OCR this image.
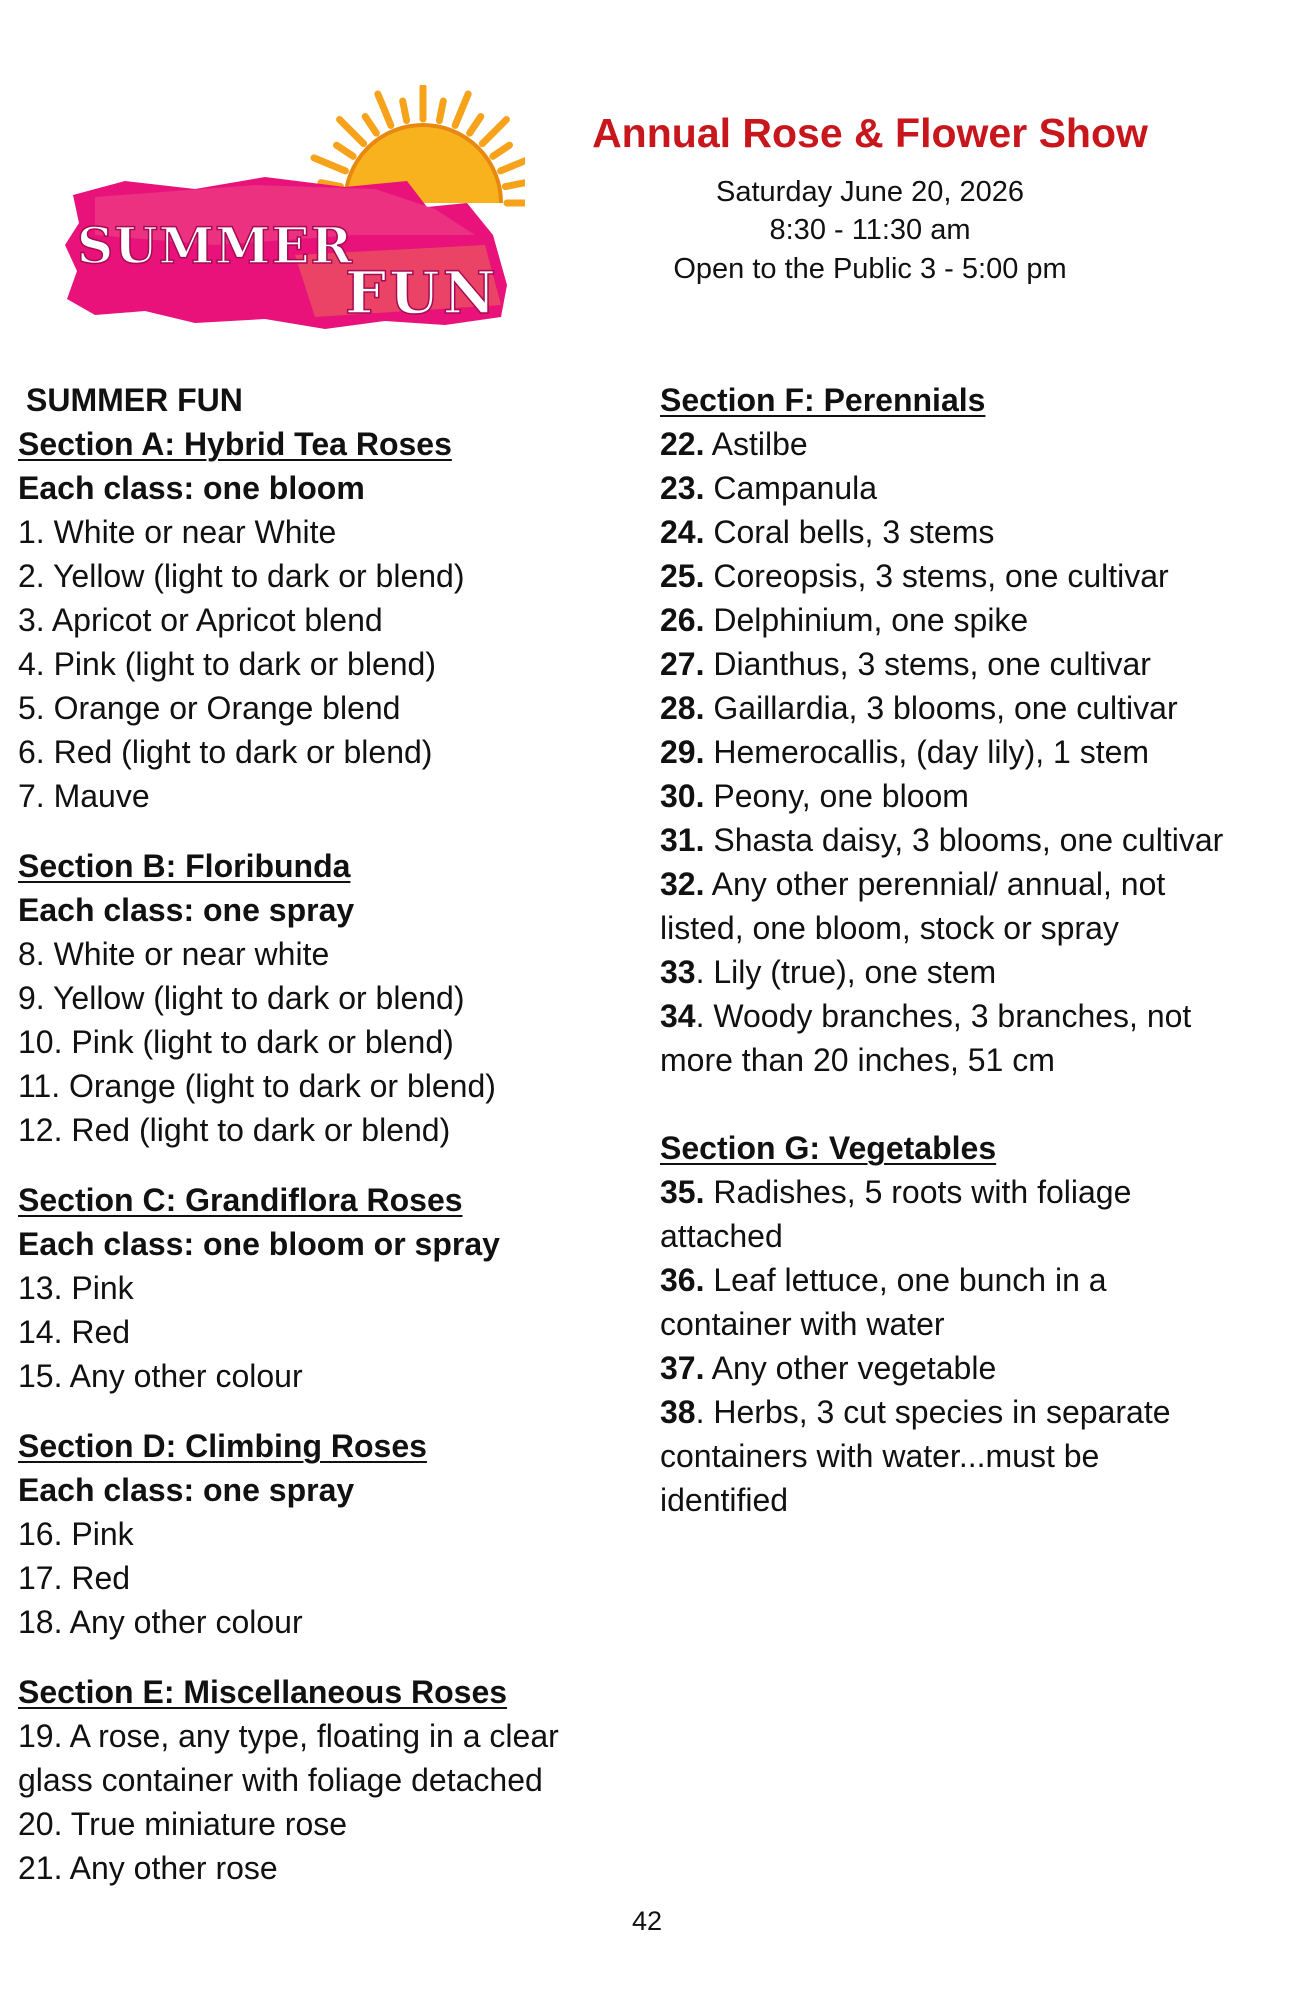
SUMMER
FUN
Annual Rose & Flower Show
Saturday June 20, 2026
8:30 - 11:30 am
Open to the Public 3 - 5:00 pm
SUMMER FUN
Section A: Hybrid Tea Roses
Each class: one bloom
1. White or near White
2. Yellow (light to dark or blend)
3. Apricot or Apricot blend
4. Pink (light to dark or blend)
5. Orange or Orange blend
6. Red (light to dark or blend)
7. Mauve
Section B: Floribunda
Each class: one spray
8. White or near white
9. Yellow (light to dark or blend)
10. Pink (light to dark or blend)
11. Orange (light to dark or blend)
12. Red (light to dark or blend)
Section C: Grandiflora Roses
Each class: one bloom or spray
13. Pink
14. Red
15. Any other colour
Section D: Climbing Roses
Each class: one spray
16. Pink
17. Red
18. Any other colour
Section E: Miscellaneous Roses
19. A rose, any type, floating in a clear glass container with foliage detached
20. True miniature rose
21. Any other rose
Section F: Perennials
22. Astilbe
23. Campanula
24. Coral bells, 3 stems
25. Coreopsis, 3 stems, one cultivar
26. Delphinium, one spike
27. Dianthus, 3 stems, one cultivar
28. Gaillardia, 3 blooms, one cultivar
29. Hemerocallis, (day lily), 1 stem
30. Peony, one bloom
31. Shasta daisy, 3 blooms, one cultivar
32. Any other perennial/ annual, not listed, one bloom, stock or spray
33. Lily (true), one stem
34. Woody branches, 3 branches, not more than 20 inches, 51 cm
Section G: Vegetables
35. Radishes, 5 roots with foliage attached
36. Leaf lettuce, one bunch in a container with water
37. Any other vegetable
38. Herbs, 3 cut species in separate containers with water...must be identified
42
